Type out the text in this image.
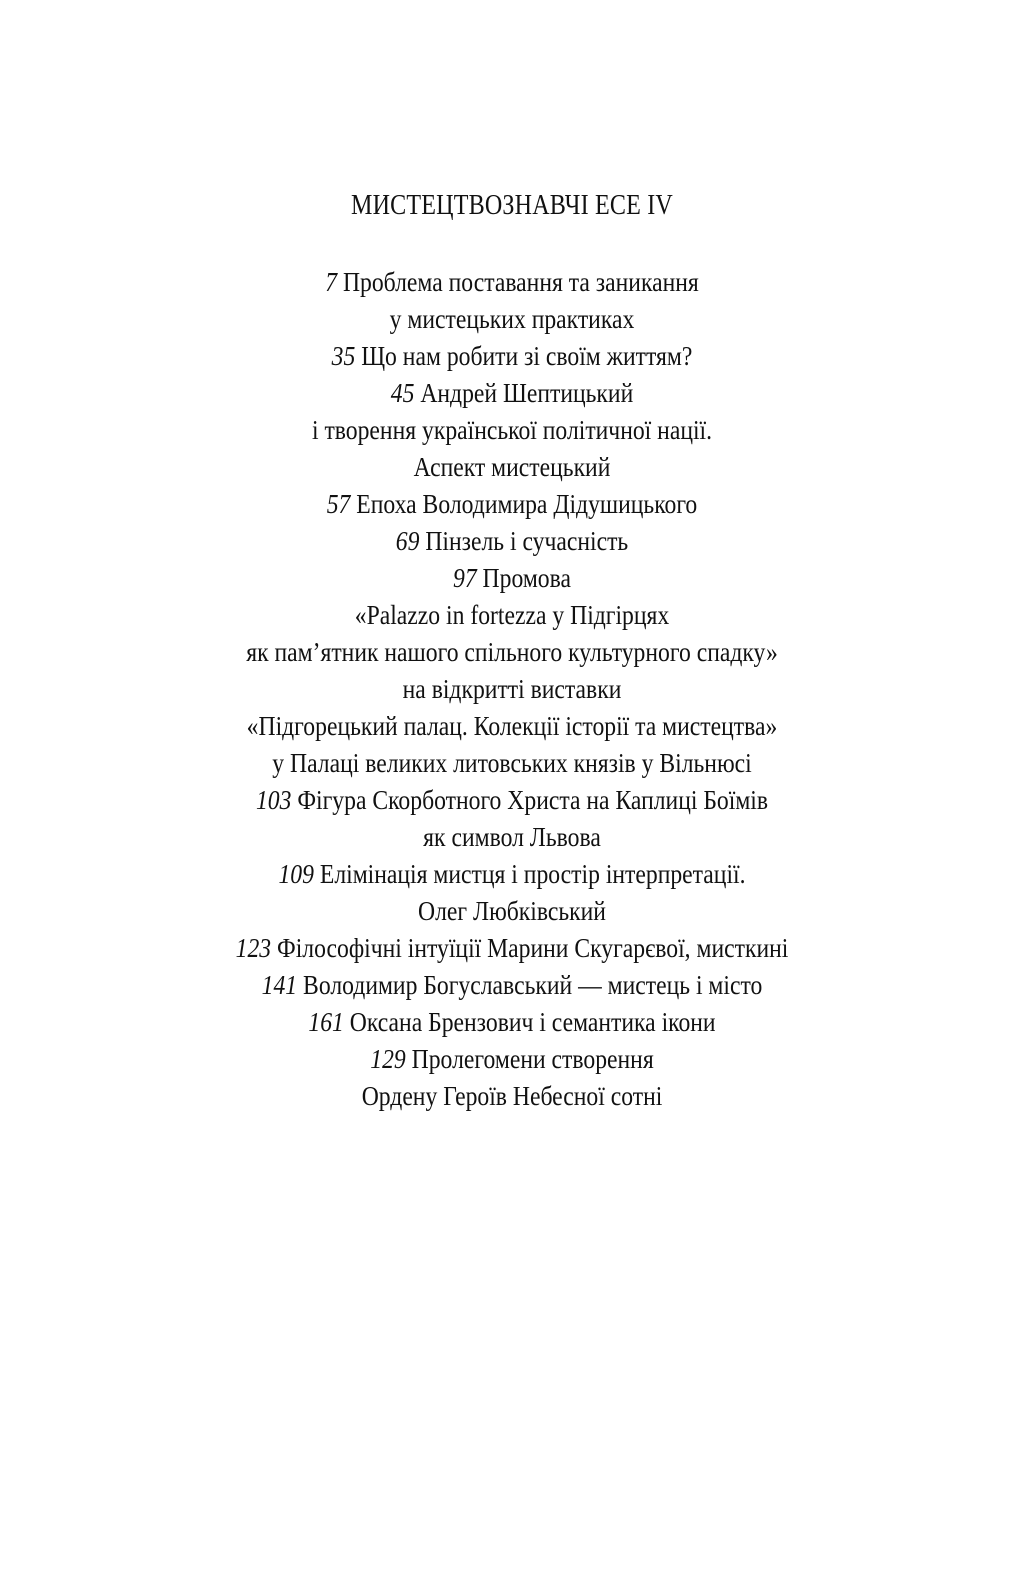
МИСТЕЦТВОЗНАВЧІ ЕСЕ IV
7 Проблема поставання та заникання
у мистецьких практиках
35 Що нам робити зі своїм життям?
45 Андрей Шептицький
і творення української політичної нації.
Аспект мистецький
57 Епоха Володимира Дідушицького
69 Пінзель і сучасність
97 Промова
«Palazzo in fortezza у Підгірцях
як пам’ятник нашого спільного культурного спадку»
на відкритті виставки
«Підгорецький палац. Колекції історії та мистецтва»
у Палаці великих литовських князів у Вільнюсі
103 Фігура Скорботного Христа на Каплиці Боїмів
як символ Львова
109 Елімінація мистця і простір інтерпретації.
Олег Любківський
123 Філософічні інтуїції Марини Скугарєвої, мисткині
141 Володимир Богуславський — мистець і місто
161 Оксана Брензович і семантика ікони
129 Пролегомени створення
Ордену Героїв Небесної сотні
